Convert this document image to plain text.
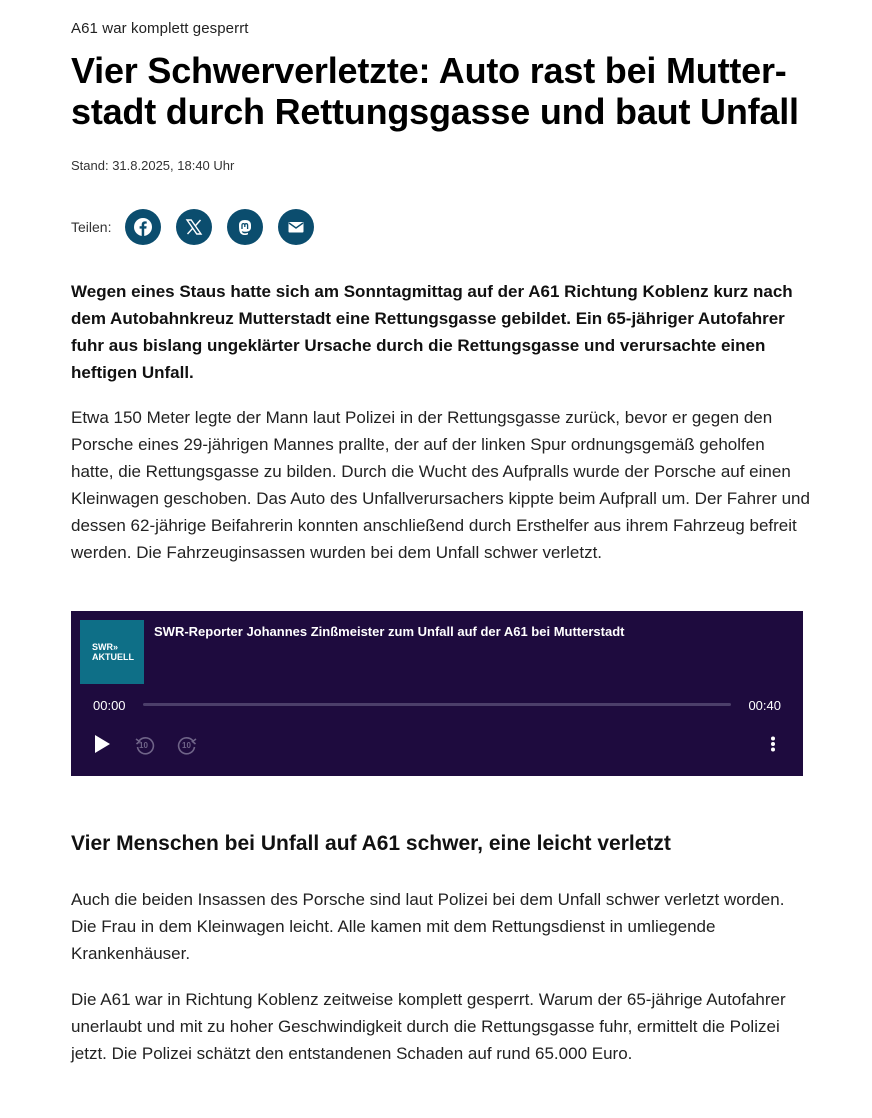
A61 war komplett gesperrt
Vier Schwerverletzte: Auto rast bei Mutterstadt durch Rettungsgasse und baut Unfall
Stand: 31.8.2025, 18:40 Uhr
Teilen:

Wegen eines Staus hatte sich am Sonntagmittag auf der A61 Richtung Koblenz kurz nach dem Autobahnkreuz Mutterstadt eine Rettungsgasse gebildet. Ein 65-jähriger Autofahrer fuhr aus bislang ungeklärter Ursache durch die Rettungsgasse und verursachte einen heftigen Unfall.

Etwa 150 Meter legte der Mann laut Polizei in der Rettungsgasse zurück, bevor er gegen den Porsche eines 29-jährigen Mannes prallte, der auf der linken Spur ordnungsgemäß geholfen hatte, die Rettungsgasse zu bilden. Durch die Wucht des Aufpralls wurde der Porsche auf einen Kleinwagen geschoben. Das Auto des Unfallverursachers kippte beim Aufprall um. Der Fahrer und dessen 62-jährige Beifahrerin konnten anschließend durch Ersthelfer aus ihrem Fahrzeug befreit werden. Die Fahrzeuginsassen wurden bei dem Unfall schwer verletzt.

SWR»
AKTUELL
SWR-Reporter Johannes Zinßmeister zum Unfall auf der A61 bei Mutterstadt
00:00	00:40
10	10
Vier Menschen bei Unfall auf A61 schwer, eine leicht verletzt

Auch die beiden Insassen des Porsche sind laut Polizei bei dem Unfall schwer verletzt worden. Die Frau in dem Kleinwagen leicht. Alle kamen mit dem Rettungsdienst in umliegende Krankenhäuser.

Die A61 war in Richtung Koblenz zeitweise komplett gesperrt. Warum der 65-jährige Autofahrer unerlaubt und mit zu hoher Geschwindigkeit durch die Rettungsgasse fuhr, ermittelt die Polizei jetzt. Die Polizei schätzt den entstandenen Schaden auf rund 65.000 Euro.
